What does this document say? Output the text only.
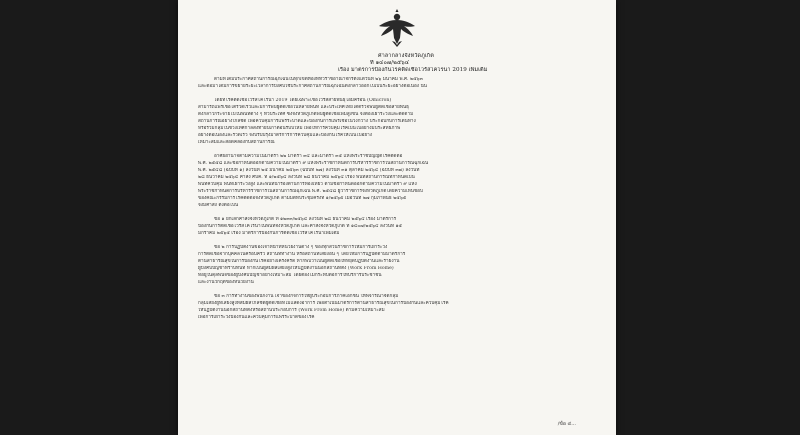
ศาลากลางจังหวัดภูเก็ต
ที่ ๑๔๐๗/๒๕๖๔
เรื่อง มาตรการป้องกันโรคติดเชื้อไวรัสโคโรนา 2019 เพิ่มเติม
ตามที่ได้มีประกาศสถานการณ์ฉุกเฉินในทุกเขตท้องที่ทั่วราชอาณาจักรตั้งแต่วันที่ ๒๖ มีนาคม พ.ศ. ๒๕๖๓
และต่อมาได้มีการขยายระยะเวลาการบังคับใช้ประกาศสถานการณ์ฉุกเฉินดังกล่าวออกไปเป็นระยะอย่างต่อเนื่อง นั้น
โดยที่โรคติดเชื้อไวรัสโคโรนา 2019 โดยเฉพาะเชื้อไวรัสสายพันธุ์โอมิครอน (Omicron)
สามารถแพร่เชื้อได้รวดเร็วและมีการพบผู้ติดเชื้อในหลายพื้นที่ และประเทศไทยได้ตรวจพบผู้ติดเชื้อสายพันธุ์
ดังกล่าวกระจายไปในพื้นที่ต่าง ๆ ทั่วประเทศ ซึ่งจังหวัดภูเก็ตพบผู้ติดเชื้อเพิ่มสูงขึ้น จึงต้องเฝ้าระวังและติดตาม
สถานการณ์อย่างใกล้ชิด เพื่อควบคุมการแพร่ระบาดและป้องกันการแพร่เชื้อในวงกว้าง ประกอบกับการเดินทาง
หรือรวมกลุ่มในช่วงเทศกาลส่งท้ายปีเก่าต้อนรับปีใหม่ เพื่อให้การควบคุมโรคเป็นไปอย่างมีประสิทธิภาพ
อย่างต่อเนื่องและรวดเร็ว จึงปรับปรุงมาตรการการควบคุมและป้องกันโรคให้เป็นไปอย่าง
เหมาะสมและสอดคล้องกับสถานการณ์
อาศัยอำนาจตามความในมาตรา ๒๒ มาตรา ๓๔ และมาตรา ๓๕ แห่งพระราชบัญญัติโรคติดต่อ
พ.ศ. ๒๕๕๘ และข้อกำหนดออกตามความในมาตรา ๙ แห่งพระราชกำหนดการบริหารราชการในสถานการณ์ฉุกเฉิน
พ.ศ. ๒๕๔๘ (ฉบับที่ ๑) ลงวันที่ ๒๕ มีนาคม ๒๕๖๓ (ฉบับที่ ๒๗) ลงวันที่ ๓๑ ตุลาคม ๒๕๖๔ (ฉบับที่ ๓๗) ลงวันที่
๒๘ ธันวาคม ๒๕๖๔ คำสั่ง ศบค. ที่ ๑/๒๕๖๔ ลงวันที่ ๒๘ ธันวาคม ๒๕๖๔ เรื่อง พื้นที่สถานการณ์ที่กำหนดเป็น
พื้นที่ควบคุม พื้นที่เฝ้าระวังสูง และพื้นที่นำร่องด้านการท่องเที่ยว ตามข้อกำหนดออกตามความในมาตรา ๙ แห่ง
พระราชกำหนดการบริหารราชการในสถานการณ์ฉุกเฉิน พ.ศ. ๒๕๔๘ ผู้ว่าราชการจังหวัดภูเก็ตโดยความเห็นชอบ
ของคณะกรรมการโรคติดต่อจังหวัดภูเก็ต ตามมติที่ประชุมครั้งที่ ๑/๒๕๖๕ เมื่อวันที่ ๒๗ กุมภาพันธ์ ๒๕๖๕
จึงมีคำสั่ง ดังต่อไปนี้
ข้อ ๑ ยกเลิกคำสั่งจังหวัดภูเก็ต ที่ ๑๒๓๓/๒๕๖๔ ลงวันที่ ๒๘ ธันวาคม ๒๕๖๔ เรื่อง มาตรการ
ป้องกันการติดเชื้อไวรัสโคโรนาในพื้นที่จังหวัดภูเก็ต และคำสั่งจังหวัดภูเก็ต ที่ ๑๔๐๗/๒๕๖๔ ลงวันที่ ๑๕
มกราคม ๒๕๖๕ เรื่อง มาตรการป้องกันการติดเชื้อไวรัสโคโรนาเพิ่มเติม
ข้อ ๒ การปฏิบัติงานของเจ้าหน้าที่หน่วยงานต่าง ๆ ของทุกส่วนราชการให้มีการเฝ้าระวัง
การติดเชื้อจากบุคคลในครอบครัว สถานที่ทำงาน หรือสถานที่เสี่ยงอื่น ๆ โดยให้มีการปฏิบัติตามมาตรการ
ด้านสาธารณสุขในการป้องกันโรคอย่างเคร่งครัด หากพบว่าเป็นผู้ติดเชื้อให้หยุดปฏิบัติงานและรายงาน
ผู้บังคับบัญชาทราบทันที หากเป็นผู้สัมผัสเสี่ยงสูงให้ปฏิบัติงานนอกสถานที่ตั้ง (Work From Home)
ที่อยู่ในดุลพินิจของผู้บังคับบัญชาอย่างเหมาะสม โดยต้องไม่กระทบต่อการให้บริการประชาชน
และงานวิกฤติของหน่วยงาน
ข้อ ๓ การทำงานของพนักงาน เจ้าของกิจการให้ผู้ประกอบการภาคเอกชน ให้พิจารณาจัดกลุ่ม
กลุ่มเสี่ยงผู้ที่เสี่ยงสูงที่สัมผัสใกล้ชิดผู้ติดเชื้อที่ไม่แสดงอาการ เพื่อดำเนินมาตรการด้านสาธารณสุขในการป้องกันและควบคุมโรค
ให้ปฏิบัติงานนอกสถานที่ตั้งหรือสถานประกอบการ (Work From Home) ตามความเหมาะสม
เพื่อการเฝ้าระวังป้องกันและควบคุมการแพร่ระบาดของโรค
/ข้อ ๔...
